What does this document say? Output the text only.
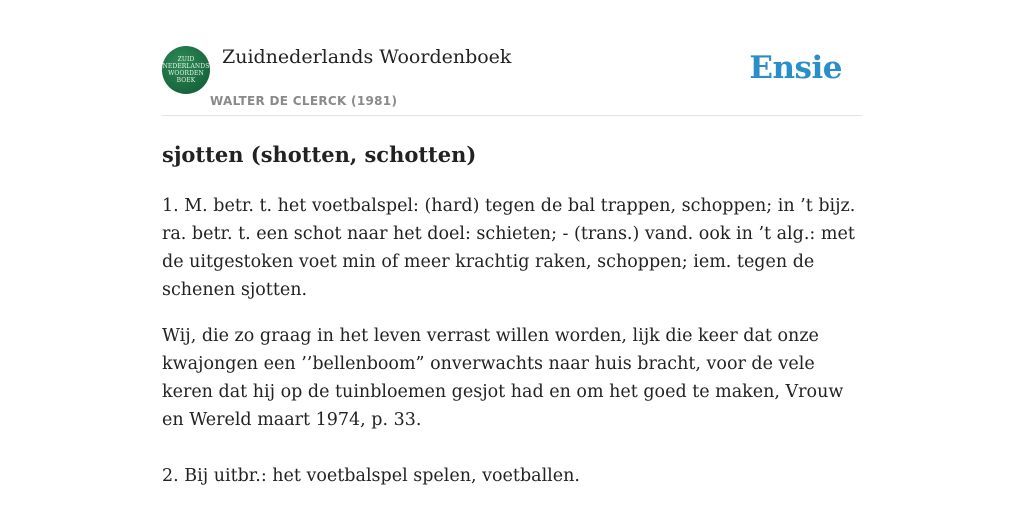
ZUID
NEDERLANDS
WOORDEN
BOEK
Zuidnederlands Woordenboek
WALTER DE CLERCK (1981)
Ensie
sjotten (shotten, schotten)

1. M. betr. t. het voetbalspel: (hard) tegen de bal trappen, schoppen; in ’t bijz. ra. betr. t. een schot naar het doel: schieten; - (trans.) vand. ook in ’t alg.: met de uitgestoken voet min of meer krachtig raken, schoppen; iem. tegen de schenen sjotten.

Wij, die zo graag in het leven verrast willen worden, lijk die keer dat onze kwajongen een ’’bellenboom” onverwachts naar huis bracht, voor de vele keren dat hij op de tuinbloemen gesjot had en om het goed te maken, Vrouw en Wereld maart 1974, p. 33.

2. Bij uitbr.: het voetbalspel spelen, voetballen.
